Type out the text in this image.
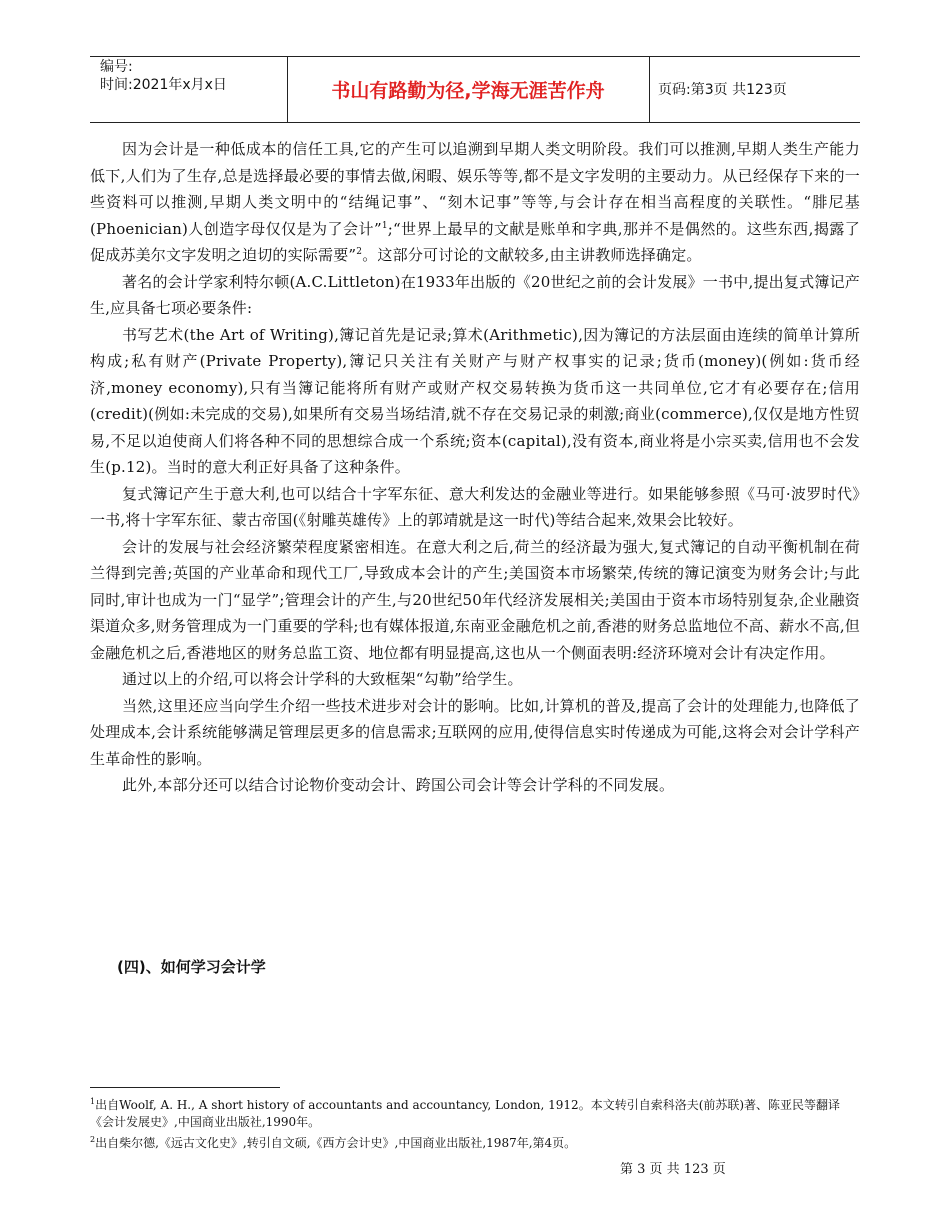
编号:
时间:2021年x月x日	书山有路勤为径,学海无涯苦作舟	页码:第3页 共123页

因为会计是一种低成本的信任工具,它的产生可以追溯到早期人类文明阶段。我们可以推测,早期人类生产能力低下,人们为了生存,总是选择最必要的事情去做,闲暇、娱乐等等,都不是文字发明的主要动力。从已经保存下来的一些资料可以推测,早期人类文明中的“结绳记事”、“刻木记事”等等,与会计存在相当高程度的关联性。“腓尼基(Phoenician)人创造字母仅仅是为了会计”$^1$;“世界上最早的文献是账单和字典,那并不是偶然的。这些东西,揭露了促成苏美尔文字发明之迫切的实际需要”$^2$。这部分可讨论的文献较多,由主讲教师选择确定。

著名的会计学家利特尔顿(A.C.Littleton)在1933年出版的《20世纪之前的会计发展》一书中,提出复式簿记产生,应具备七项必要条件:

书写艺术(the Art of Writing),簿记首先是记录;算术(Arithmetic),因为簿记的方法层面由连续的简单计算所构成;私有财产(Private Property),簿记只关注有关财产与财产权事实的记录;货币(money)(例如:货币经济,money economy),只有当簿记能将所有财产或财产权交易转换为货币这一共同单位,它才有必要存在;信用(credit)(例如:未完成的交易),如果所有交易当场结清,就不存在交易记录的刺激;商业(commerce),仅仅是地方性贸易,不足以迫使商人们将各种不同的思想综合成一个系统;资本(capital),没有资本,商业将是小宗买卖,信用也不会发生(p.12)。当时的意大利正好具备了这种条件。

复式簿记产生于意大利,也可以结合十字军东征、意大利发达的金融业等进行。如果能够参照《马可·波罗时代》一书,将十字军东征、蒙古帝国(《射雕英雄传》上的郭靖就是这一时代)等结合起来,效果会比较好。

会计的发展与社会经济繁荣程度紧密相连。在意大利之后,荷兰的经济最为强大,复式簿记的自动平衡机制在荷兰得到完善;英国的产业革命和现代工厂,导致成本会计的产生;美国资本市场繁荣,传统的簿记演变为财务会计;与此同时,审计也成为一门“显学”;管理会计的产生,与20世纪50年代经济发展相关;美国由于资本市场特别复杂,企业融资渠道众多,财务管理成为一门重要的学科;也有媒体报道,东南亚金融危机之前,香港的财务总监地位不高、薪水不高,但金融危机之后,香港地区的财务总监工资、地位都有明显提高,这也从一个侧面表明:经济环境对会计有决定作用。

通过以上的介绍,可以将会计学科的大致框架“勾勒”给学生。

当然,这里还应当向学生介绍一些技术进步对会计的影响。比如,计算机的普及,提高了会计的处理能力,也降低了处理成本,会计系统能够满足管理层更多的信息需求;互联网的应用,使得信息实时传递成为可能,这将会对会计学科产生革命性的影响。

此外,本部分还可以结合讨论物价变动会计、跨国公司会计等会计学科的不同发展。

(四)、如何学习会计学
$^1$出自Woolf, A. H., A short history of accountants and accountancy, London, 1912。本文转引自索科洛夫(前苏联)著、陈亚民等翻译《会计发展史》,中国商业出版社,1990年。
$^2$出自柴尔德,《远古文化史》,转引自文硕,《西方会计史》,中国商业出版社,1987年,第4页。
第 3 页 共 123 页
